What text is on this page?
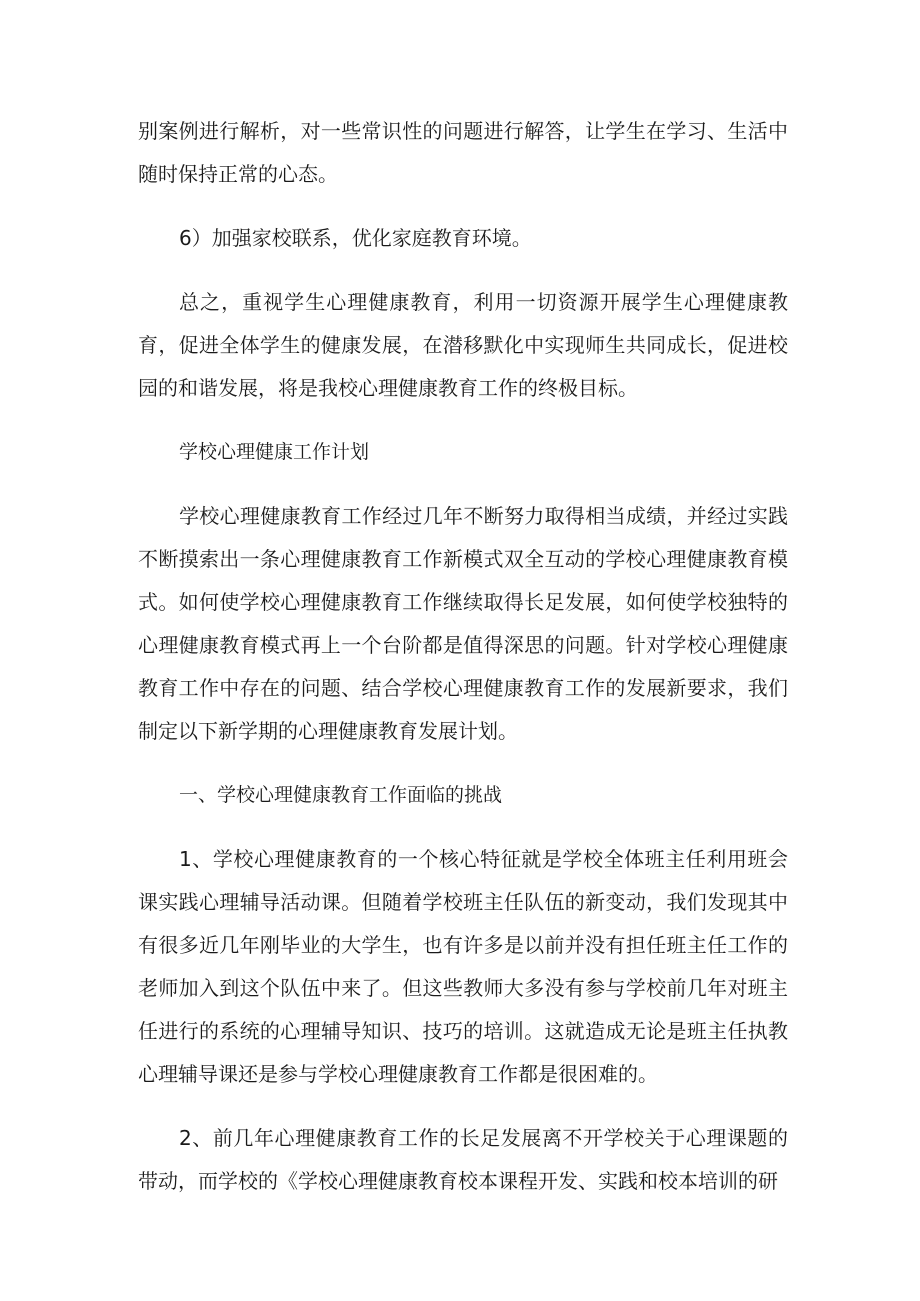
别案例进行解析，对一些常识性的问题进行解答，让学生在学习、生活中随时保持正常的心态。

6）加强家校联系，优化家庭教育环境。

总之，重视学生心理健康教育，利用一切资源开展学生心理健康教育，促进全体学生的健康发展，在潜移默化中实现师生共同成长，促进校园的和谐发展，将是我校心理健康教育工作的终极目标。

学校心理健康工作计划

学校心理健康教育工作经过几年不断努力取得相当成绩，并经过实践不断摸索出一条心理健康教育工作新模式双全互动的学校心理健康教育模式。如何使学校心理健康教育工作继续取得长足发展，如何使学校独特的心理健康教育模式再上一个台阶都是值得深思的问题。针对学校心理健康教育工作中存在的问题、结合学校心理健康教育工作的发展新要求，我们制定以下新学期的心理健康教育发展计划。

一、学校心理健康教育工作面临的挑战

1、学校心理健康教育的一个核心特征就是学校全体班主任利用班会课实践心理辅导活动课。但随着学校班主任队伍的新变动，我们发现其中有很多近几年刚毕业的大学生，也有许多是以前并没有担任班主任工作的老师加入到这个队伍中来了。但这些教师大多没有参与学校前几年对班主任进行的系统的心理辅导知识、技巧的培训。这就造成无论是班主任执教心理辅导课还是参与学校心理健康教育工作都是很困难的。

2、前几年心理健康教育工作的长足发展离不开学校关于心理课题的带动，而学校的《学校心理健康教育校本课程开发、实践和校本培训的研
